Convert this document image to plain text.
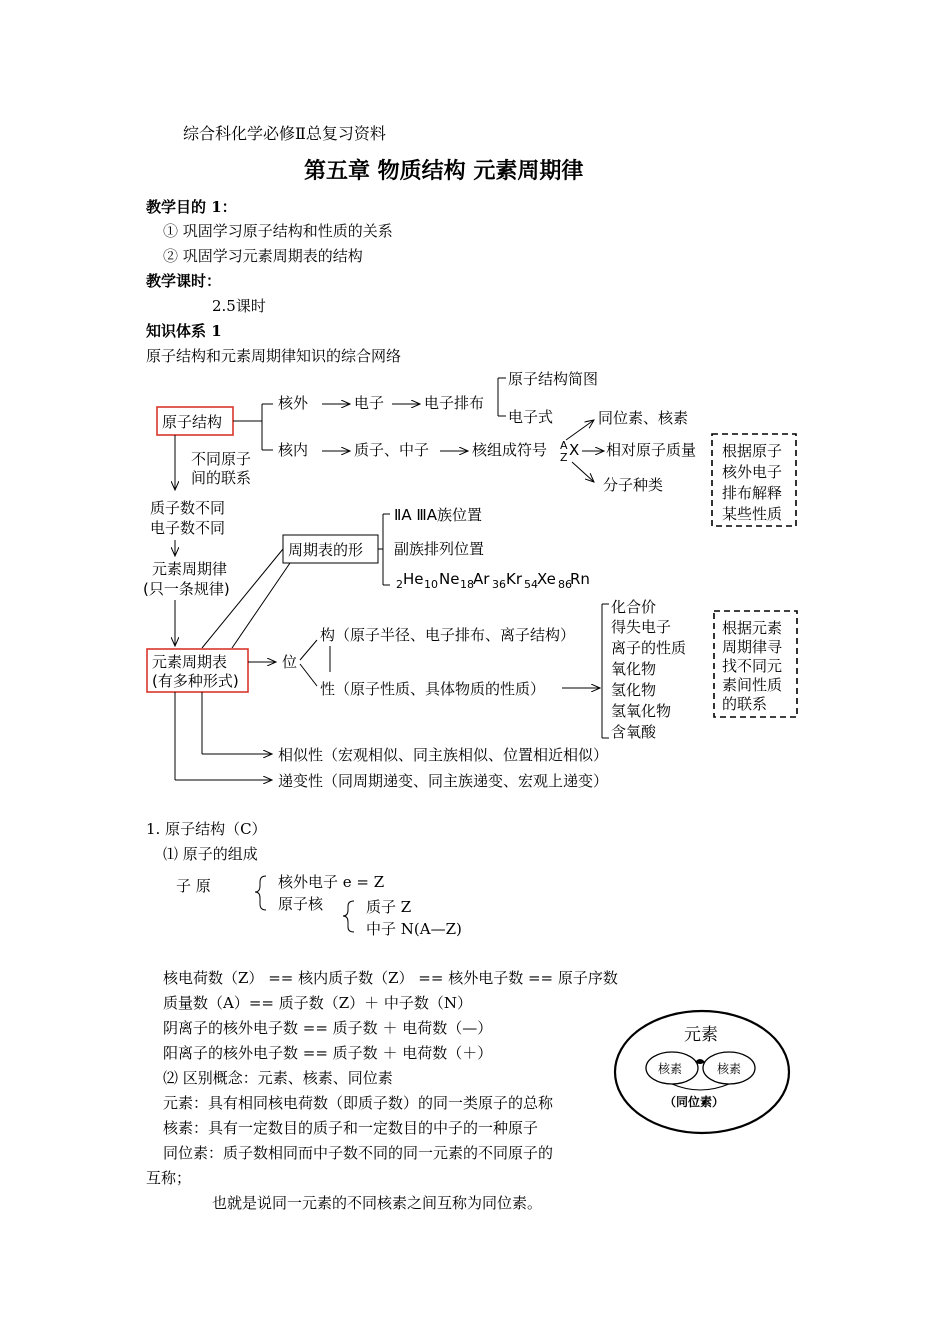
综合科化学必修Ⅱ总复习资料
第五章 物质结构 元素周期律
教学目的 1：
① 巩固学习原子结构和性质的关系
② 巩固学习元素周期表的结构
教学课时：
2.5课时
知识体系 1
原子结构和元素周期律知识的综合网络
原子结构
核外	电子	电子排布
原子结构简图
电子式	同位素、核素
核内	质子、中子	核组成符号 A
Z X 相对原子质量
分子种类
根据原子
核外电子
排布解释
某些性质
不同原子
间的联系
质子数不同
电子数不同
元素周期律
(只一条规律)
周期表的形
ⅡA ⅢA族位置
副族排列位置
2 He 10 Ne 18 Ar 36 Kr 54 Xe 86
Rn
元素周期表
(有多种形式)
位
构（原子半径、电子排布、离子结构）
性（原子性质、具体物质的性质）
化合价
得失电子
离子的性质
氧化物
氢化物
氢氧化物
含氧酸
根据元素
周期律寻
找不同元
素间性质
的联系
相似性（宏观相似、同主族相似、位置相近相似）
递变性（同周期递变、同主族递变、宏观上递变）
元素
核素	核素
（同位素）
1. 原子结构（C）
⑴ 原子的组成
子 原	核外电子 e = Z
原子核	质子 Z
中子 N(A—Z)
核电荷数（Z） == 核内质子数（Z） == 核外电子数 == 原子序数
质量数（A）== 质子数（Z）＋ 中子数（N）
阴离子的核外电子数 == 质子数 ＋ 电荷数（—）
阳离子的核外电子数 == 质子数 ＋ 电荷数（＋）
⑵ 区别概念：元素、核素、同位素
元素：具有相同核电荷数（即质子数）的同一类原子的总称
核素：具有一定数目的质子和一定数目的中子的一种原子
同位素：质子数相同而中子数不同的同一元素的不同原子的
互称；
也就是说同一元素的不同核素之间互称为同位素。
